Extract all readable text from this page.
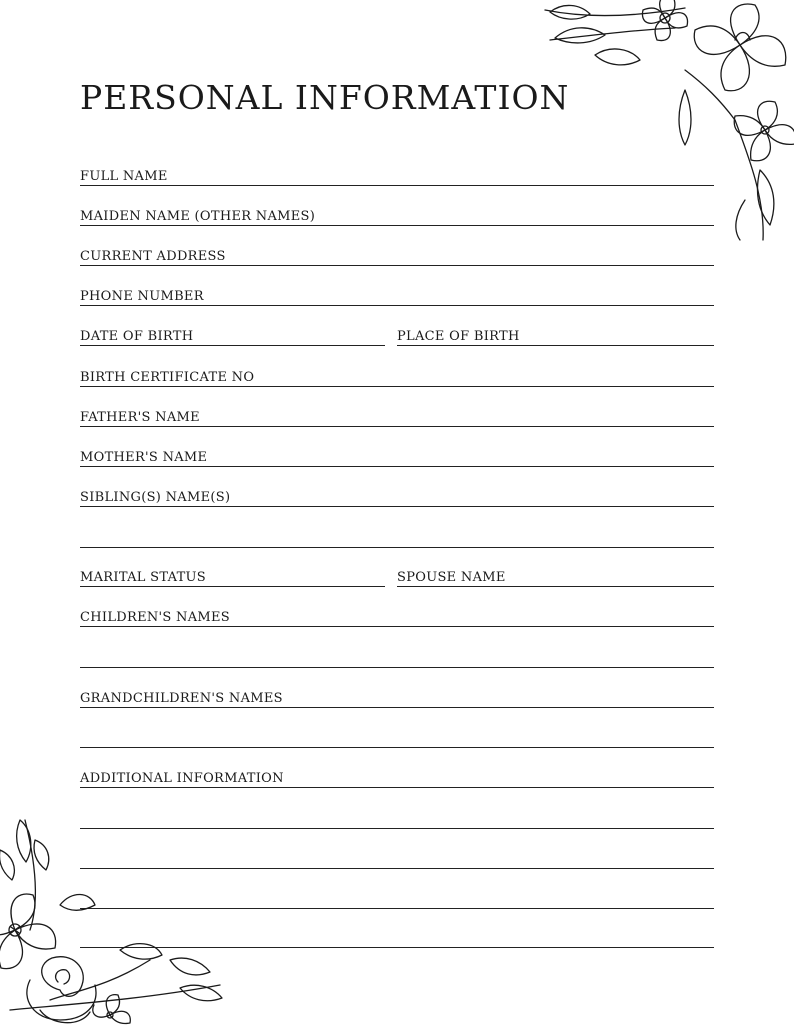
PERSONAL INFORMATION
FULL NAME
MAIDEN NAME (OTHER NAMES)
CURRENT ADDRESS
PHONE NUMBER
DATE OF BIRTH	PLACE OF BIRTH
BIRTH CERTIFICATE NO
FATHER'S NAME
MOTHER'S NAME
SIBLING(S) NAME(S)
MARITAL STATUS	SPOUSE NAME
CHILDREN'S NAMES
GRANDCHILDREN'S NAMES
ADDITIONAL INFORMATION
